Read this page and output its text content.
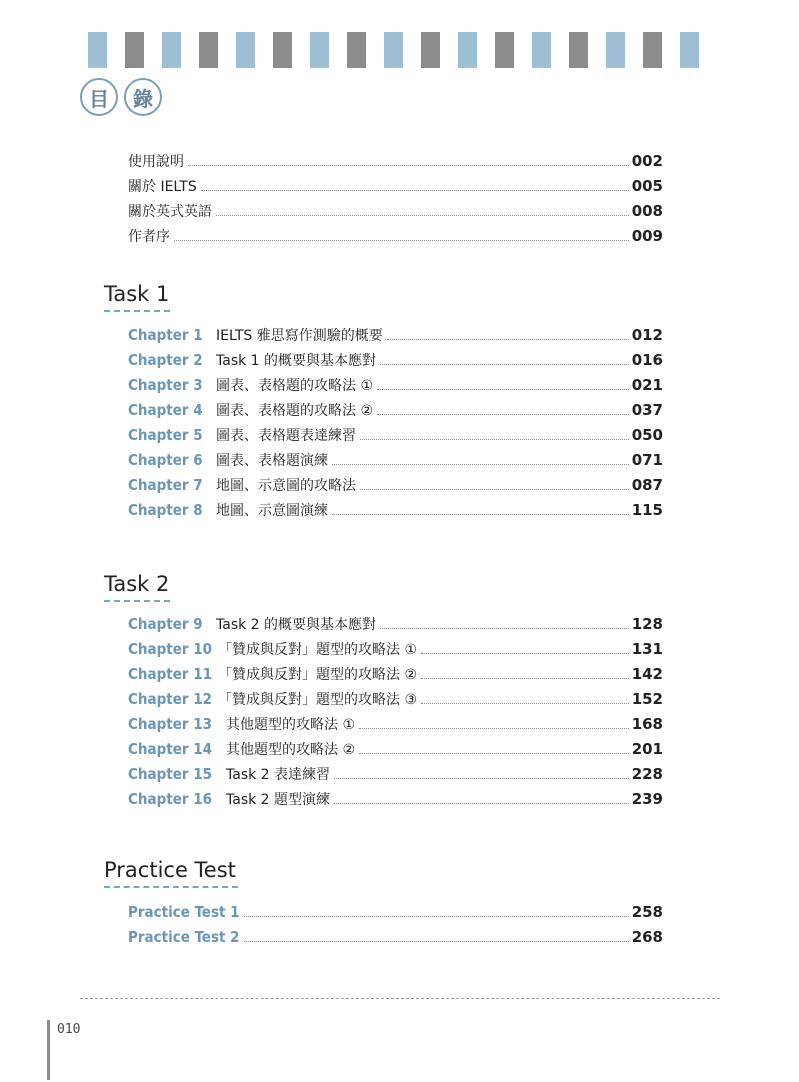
目	錄
使用說明	002
關於 IELTS	005
關於英式英語	008
作者序	009
Task 1
Chapter 1 IELTS 雅思寫作測驗的概要	012
Chapter 2 Task 1 的概要與基本應對	016
Chapter 3 圖表、表格題的攻略法 ①	021
Chapter 4 圖表、表格題的攻略法 ②	037
Chapter 5 圖表、表格題表達練習	050
Chapter 6 圖表、表格題演練	071
Chapter 7 地圖、示意圖的攻略法	087
Chapter 8 地圖、示意圖演練	115
Task 2
Chapter 9 Task 2 的概要與基本應對	128
Chapter 10 「贊成與反對」題型的攻略法 ①	131
Chapter 11 「贊成與反對」題型的攻略法 ②	142
Chapter 12 「贊成與反對」題型的攻略法 ③	152
Chapter 13 其他題型的攻略法 ①	168
Chapter 14 其他題型的攻略法 ②	201
Chapter 15 Task 2 表達練習	228
Chapter 16 Task 2 題型演練	239
Practice Test
Practice Test 1	258
Practice Test 2	268
010
